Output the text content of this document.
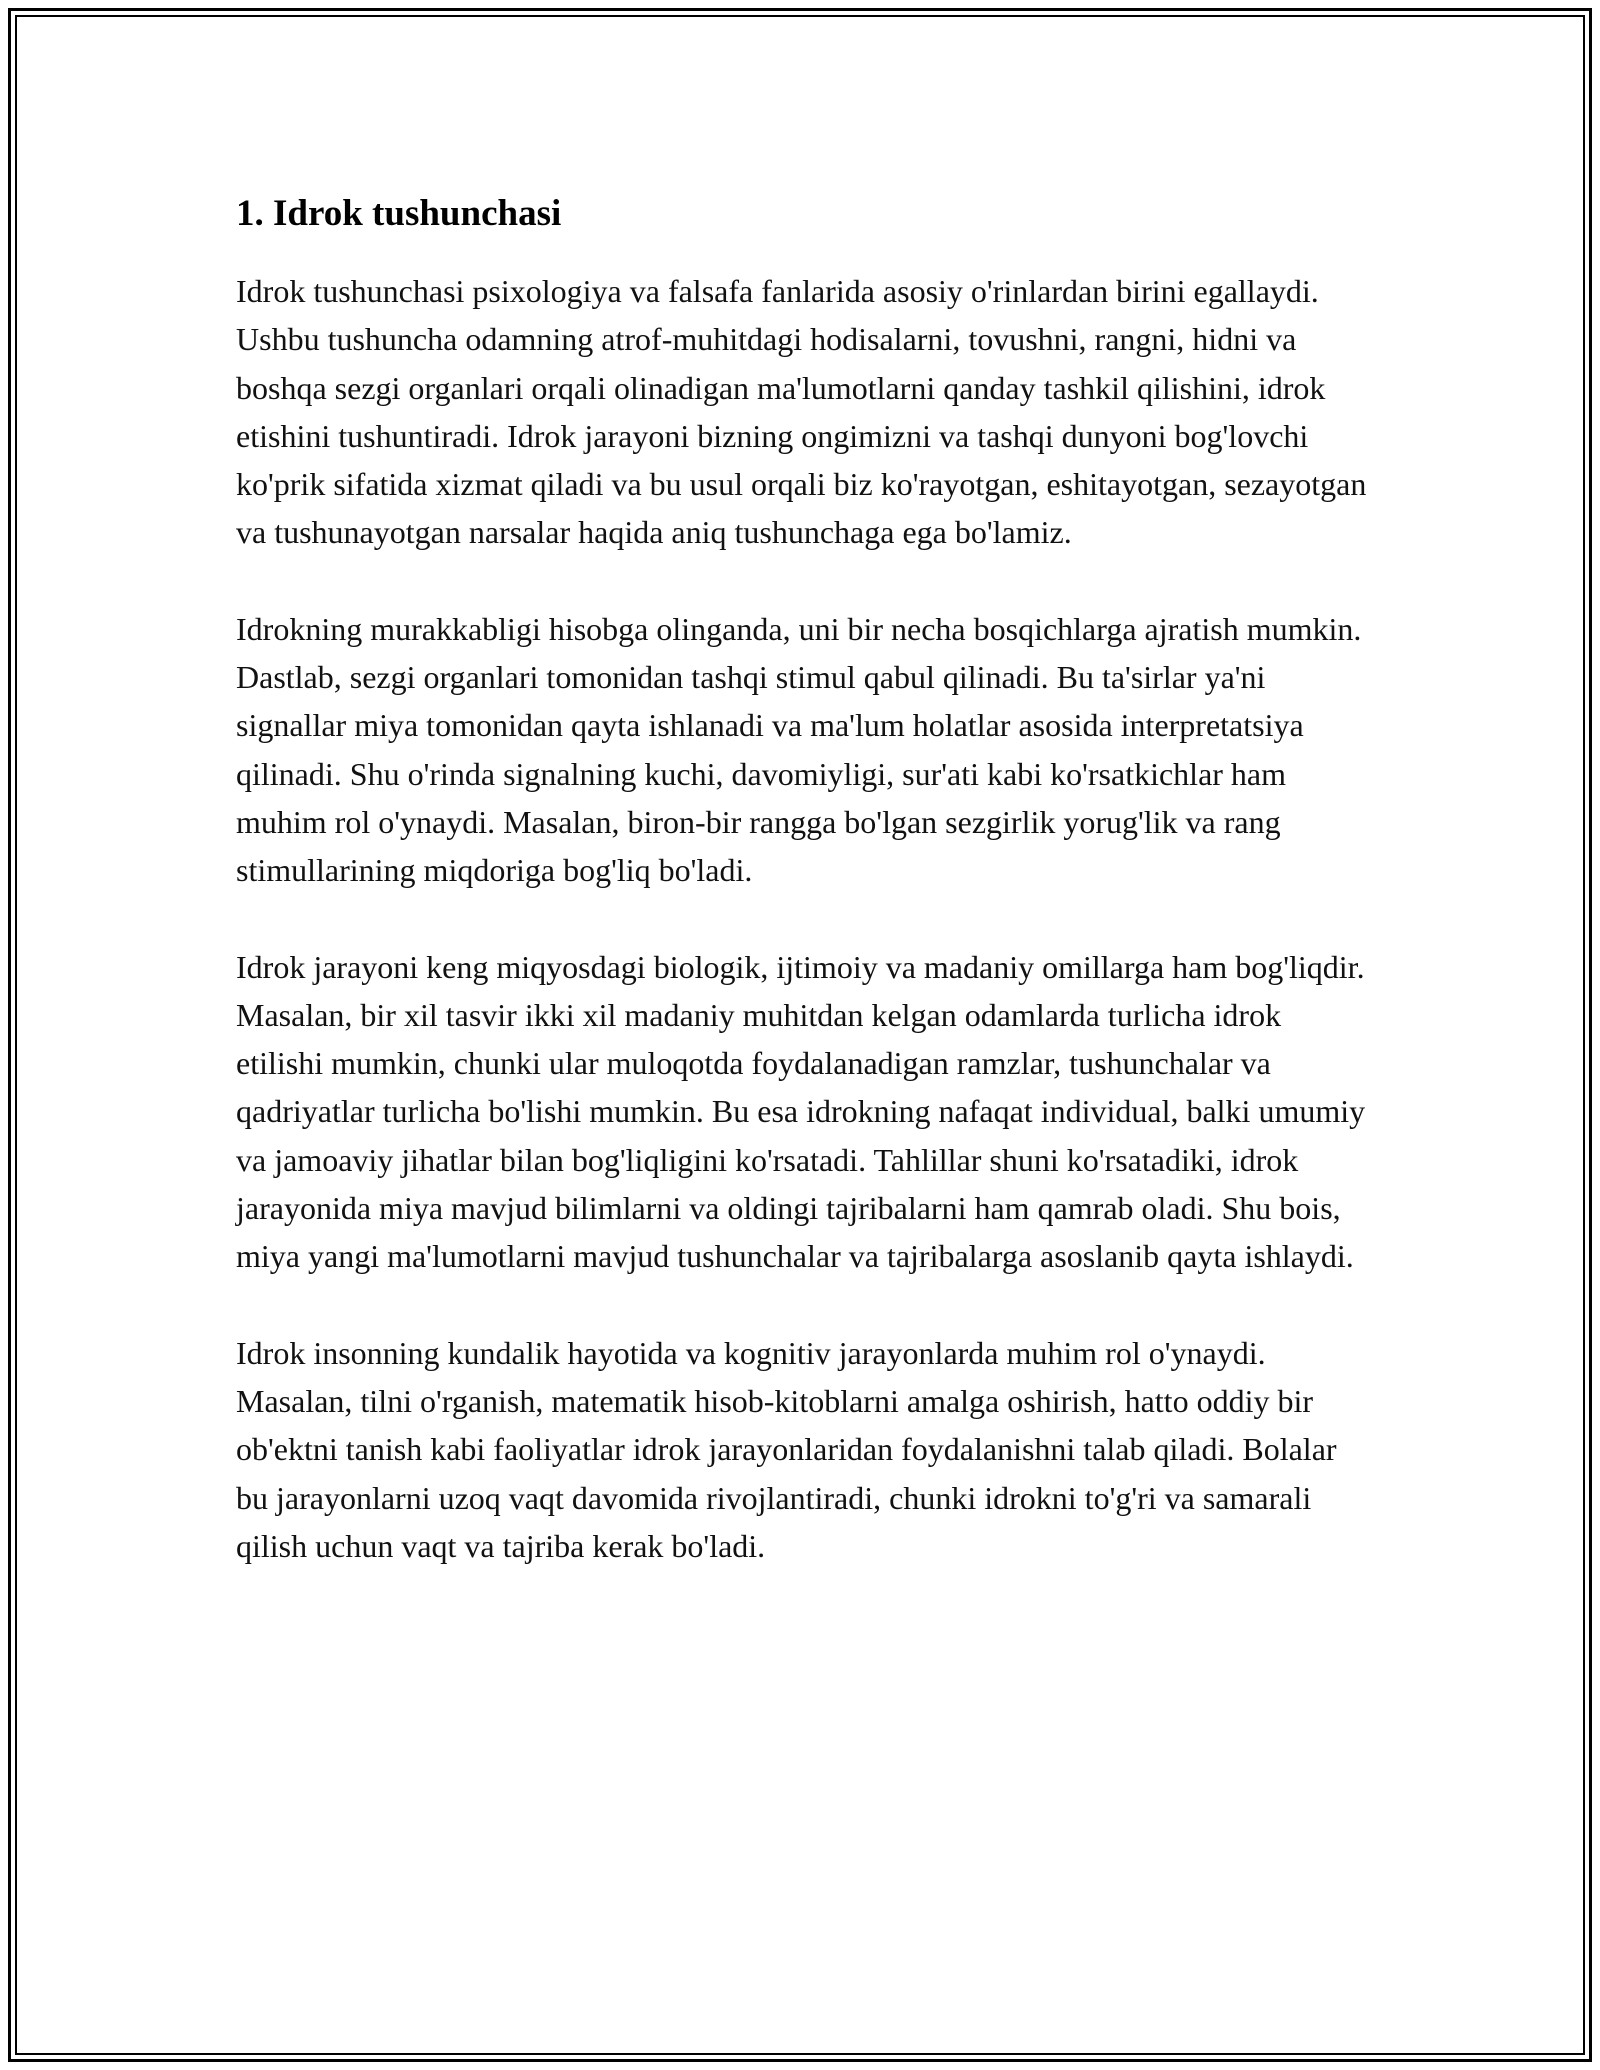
1. Idrok tushunchasi

Idrok tushunchasi psixologiya va falsafa fanlarida asosiy o'rinlardan birini egallaydi. Ushbu tushuncha odamning atrof-muhitdagi hodisalarni, tovushni, rangni, hidni va boshqa sezgi organlari orqali olinadigan ma'lumotlarni qanday tashkil qilishini, idrok etishini tushuntiradi. Idrok jarayoni bizning ongimizni va tashqi dunyoni bog'lovchi ko'prik sifatida xizmat qiladi va bu usul orqali biz ko'rayotgan, eshitayotgan, sezayotgan va tushunayotgan narsalar haqida aniq tushunchaga ega bo'lamiz.

Idrokning murakkabligi hisobga olinganda, uni bir necha bosqichlarga ajratish mumkin. Dastlab, sezgi organlari tomonidan tashqi stimul qabul qilinadi. Bu ta'sirlar ya'ni signallar miya tomonidan qayta ishlanadi va ma'lum holatlar asosida interpretatsiya qilinadi. Shu o'rinda signalning kuchi, davomiyligi, sur'ati kabi ko'rsatkichlar ham muhim rol o'ynaydi. Masalan, biron-bir rangga bo'lgan sezgirlik yorug'lik va rang stimullarining miqdoriga bog'liq bo'ladi.

Idrok jarayoni keng miqyosdagi biologik, ijtimoiy va madaniy omillarga ham bog'liqdir. Masalan, bir xil tasvir ikki xil madaniy muhitdan kelgan odamlarda turlicha idrok etilishi mumkin, chunki ular muloqotda foydalanadigan ramzlar, tushunchalar va qadriyatlar turlicha bo'lishi mumkin. Bu esa idrokning nafaqat individual, balki umumiy va jamoaviy jihatlar bilan bog'liqligini ko'rsatadi. Tahlillar shuni ko'rsatadiki, idrok jarayonida miya mavjud bilimlarni va oldingi tajribalarni ham qamrab oladi. Shu bois, miya yangi ma'lumotlarni mavjud tushunchalar va tajribalarga asoslanib qayta ishlaydi.

Idrok insonning kundalik hayotida va kognitiv jarayonlarda muhim rol o'ynaydi. Masalan, tilni o'rganish, matematik hisob-kitoblarni amalga oshirish, hatto oddiy bir ob'ektni tanish kabi faoliyatlar idrok jarayonlaridan foydalanishni talab qiladi. Bolalar bu jarayonlarni uzoq vaqt davomida rivojlantiradi, chunki idrokni to'g'ri va samarali qilish uchun vaqt va tajriba kerak bo'ladi.
